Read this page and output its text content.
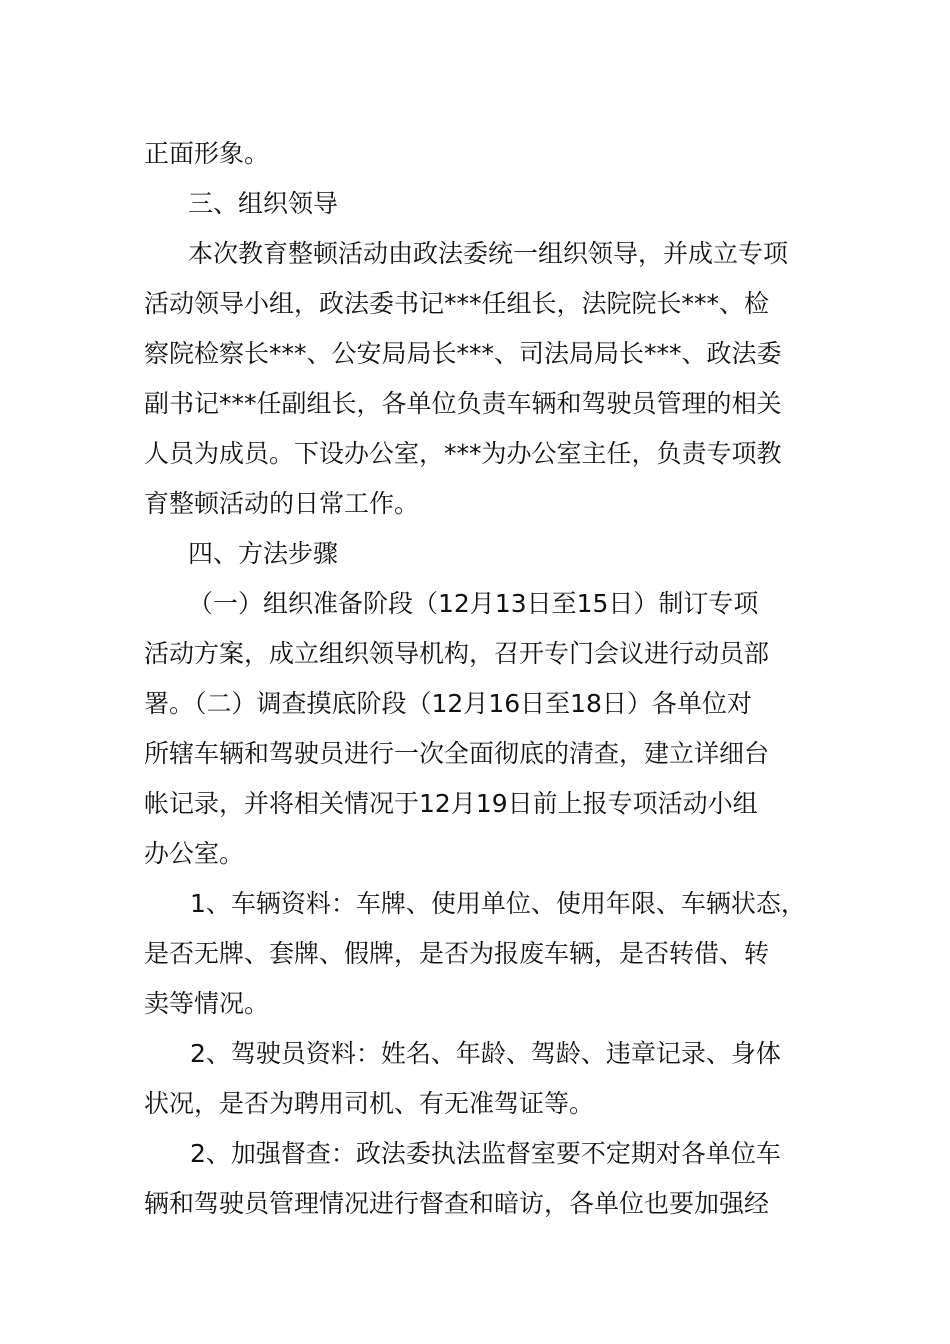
正面形象。
三、组织领导
本次教育整顿活动由政法委统一组织领导，并成立专项
活动领导小组，政法委书记***任组长，法院院长***、检
察院检察长***、公安局局长***、司法局局长***、政法委
副书记***任副组长，各单位负责车辆和驾驶员管理的相关
人员为成员。下设办公室，***为办公室主任，负责专项教
育整顿活动的日常工作。
四、方法步骤
（一）组织准备阶段（12月13日至15日）制订专项
活动方案，成立组织领导机构，召开专门会议进行动员部
署。（二）调查摸底阶段（12月16日至18日）各单位对
所辖车辆和驾驶员进行一次全面彻底的清查，建立详细台
帐记录，并将相关情况于12月19日前上报专项活动小组
办公室。
1、车辆资料：车牌、使用单位、使用年限、车辆状态，
是否无牌、套牌、假牌，是否为报废车辆，是否转借、转
卖等情况。
2、驾驶员资料：姓名、年龄、驾龄、违章记录、身体
状况，是否为聘用司机、有无准驾证等。
2、加强督查：政法委执法监督室要不定期对各单位车
辆和驾驶员管理情况进行督查和暗访，各单位也要加强经
